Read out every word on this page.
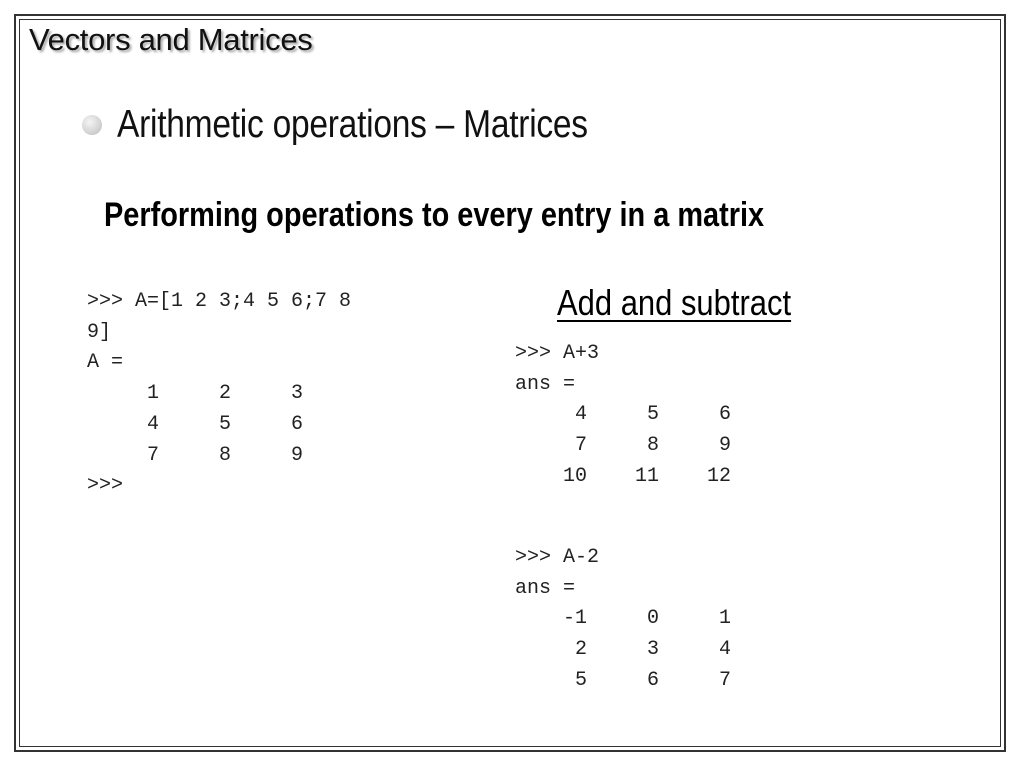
Vectors and Matrices
Arithmetic operations – Matrices
Performing operations to every entry in a matrix
Add and subtract
>>> A=[1 2 3;4 5 6;7 8
9]
A =
1     2     3
4     5     6
7     8     9
>>>
>>> A+3
ans =
4     5     6
7     8     9
10    11    12
>>> A-2
ans =
-1     0     1
2     3     4
5     6     7
